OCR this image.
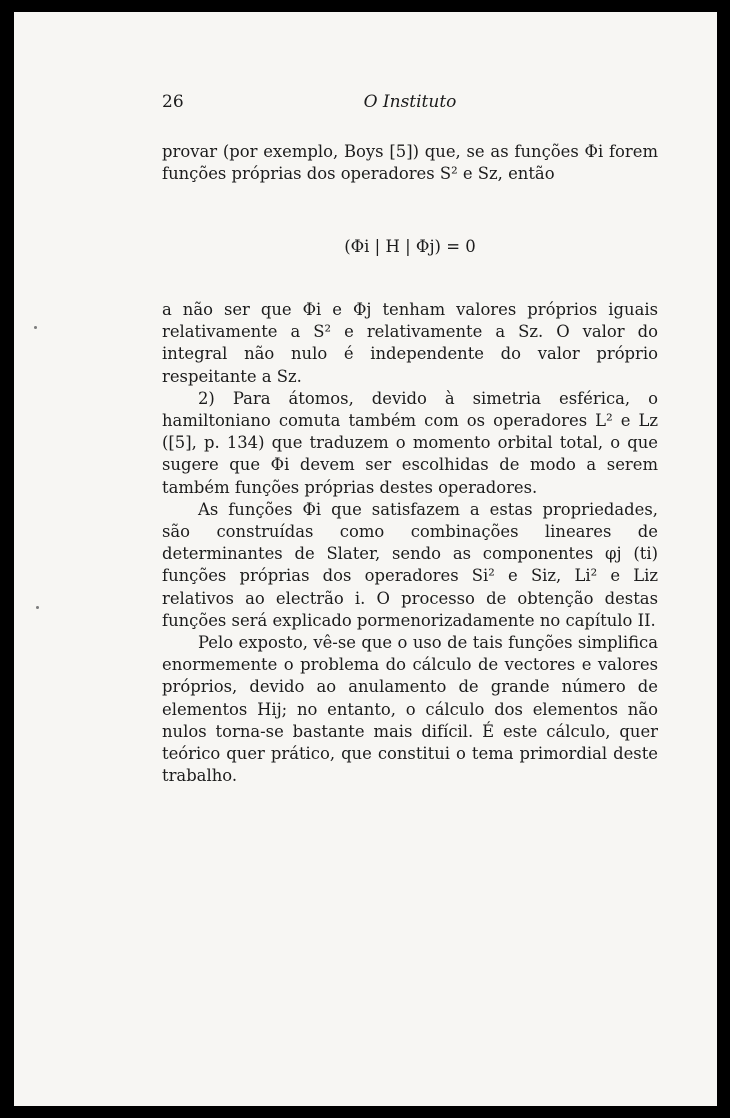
26	O Instituto

provar (por exemplo, Boys [5]) que, se as funções Φi forem funções próprias dos operadores S² e Sz, então

(Φi | H | Φj) = 0

a não ser que Φi e Φj tenham valores próprios iguais relativamente a S² e relativamente a Sz. O valor do integral não nulo é independente do valor próprio respeitante a Sz.

2) Para átomos, devido à simetria esférica, o hamiltoniano comuta também com os operadores L² e Lz ([5], p. 134) que traduzem o momento orbital total, o que sugere que Φi devem ser escolhidas de modo a serem também funções próprias destes operadores.

As funções Φi que satisfazem a estas propriedades, são construídas como combinações lineares de determinantes de Slater, sendo as componentes φj (ti) funções próprias dos operadores Si² e Siz, Li² e Liz relativos ao electrão i. O processo de obtenção destas funções será explicado pormenorizadamente no capítulo II.

Pelo exposto, vê-se que o uso de tais funções simplifica enormemente o problema do cálculo de vectores e valores próprios, devido ao anulamento de grande número de elementos Hij; no entanto, o cálculo dos elementos não nulos torna-se bastante mais difícil. É este cálculo, quer teórico quer prático, que constitui o tema primordial deste trabalho.
